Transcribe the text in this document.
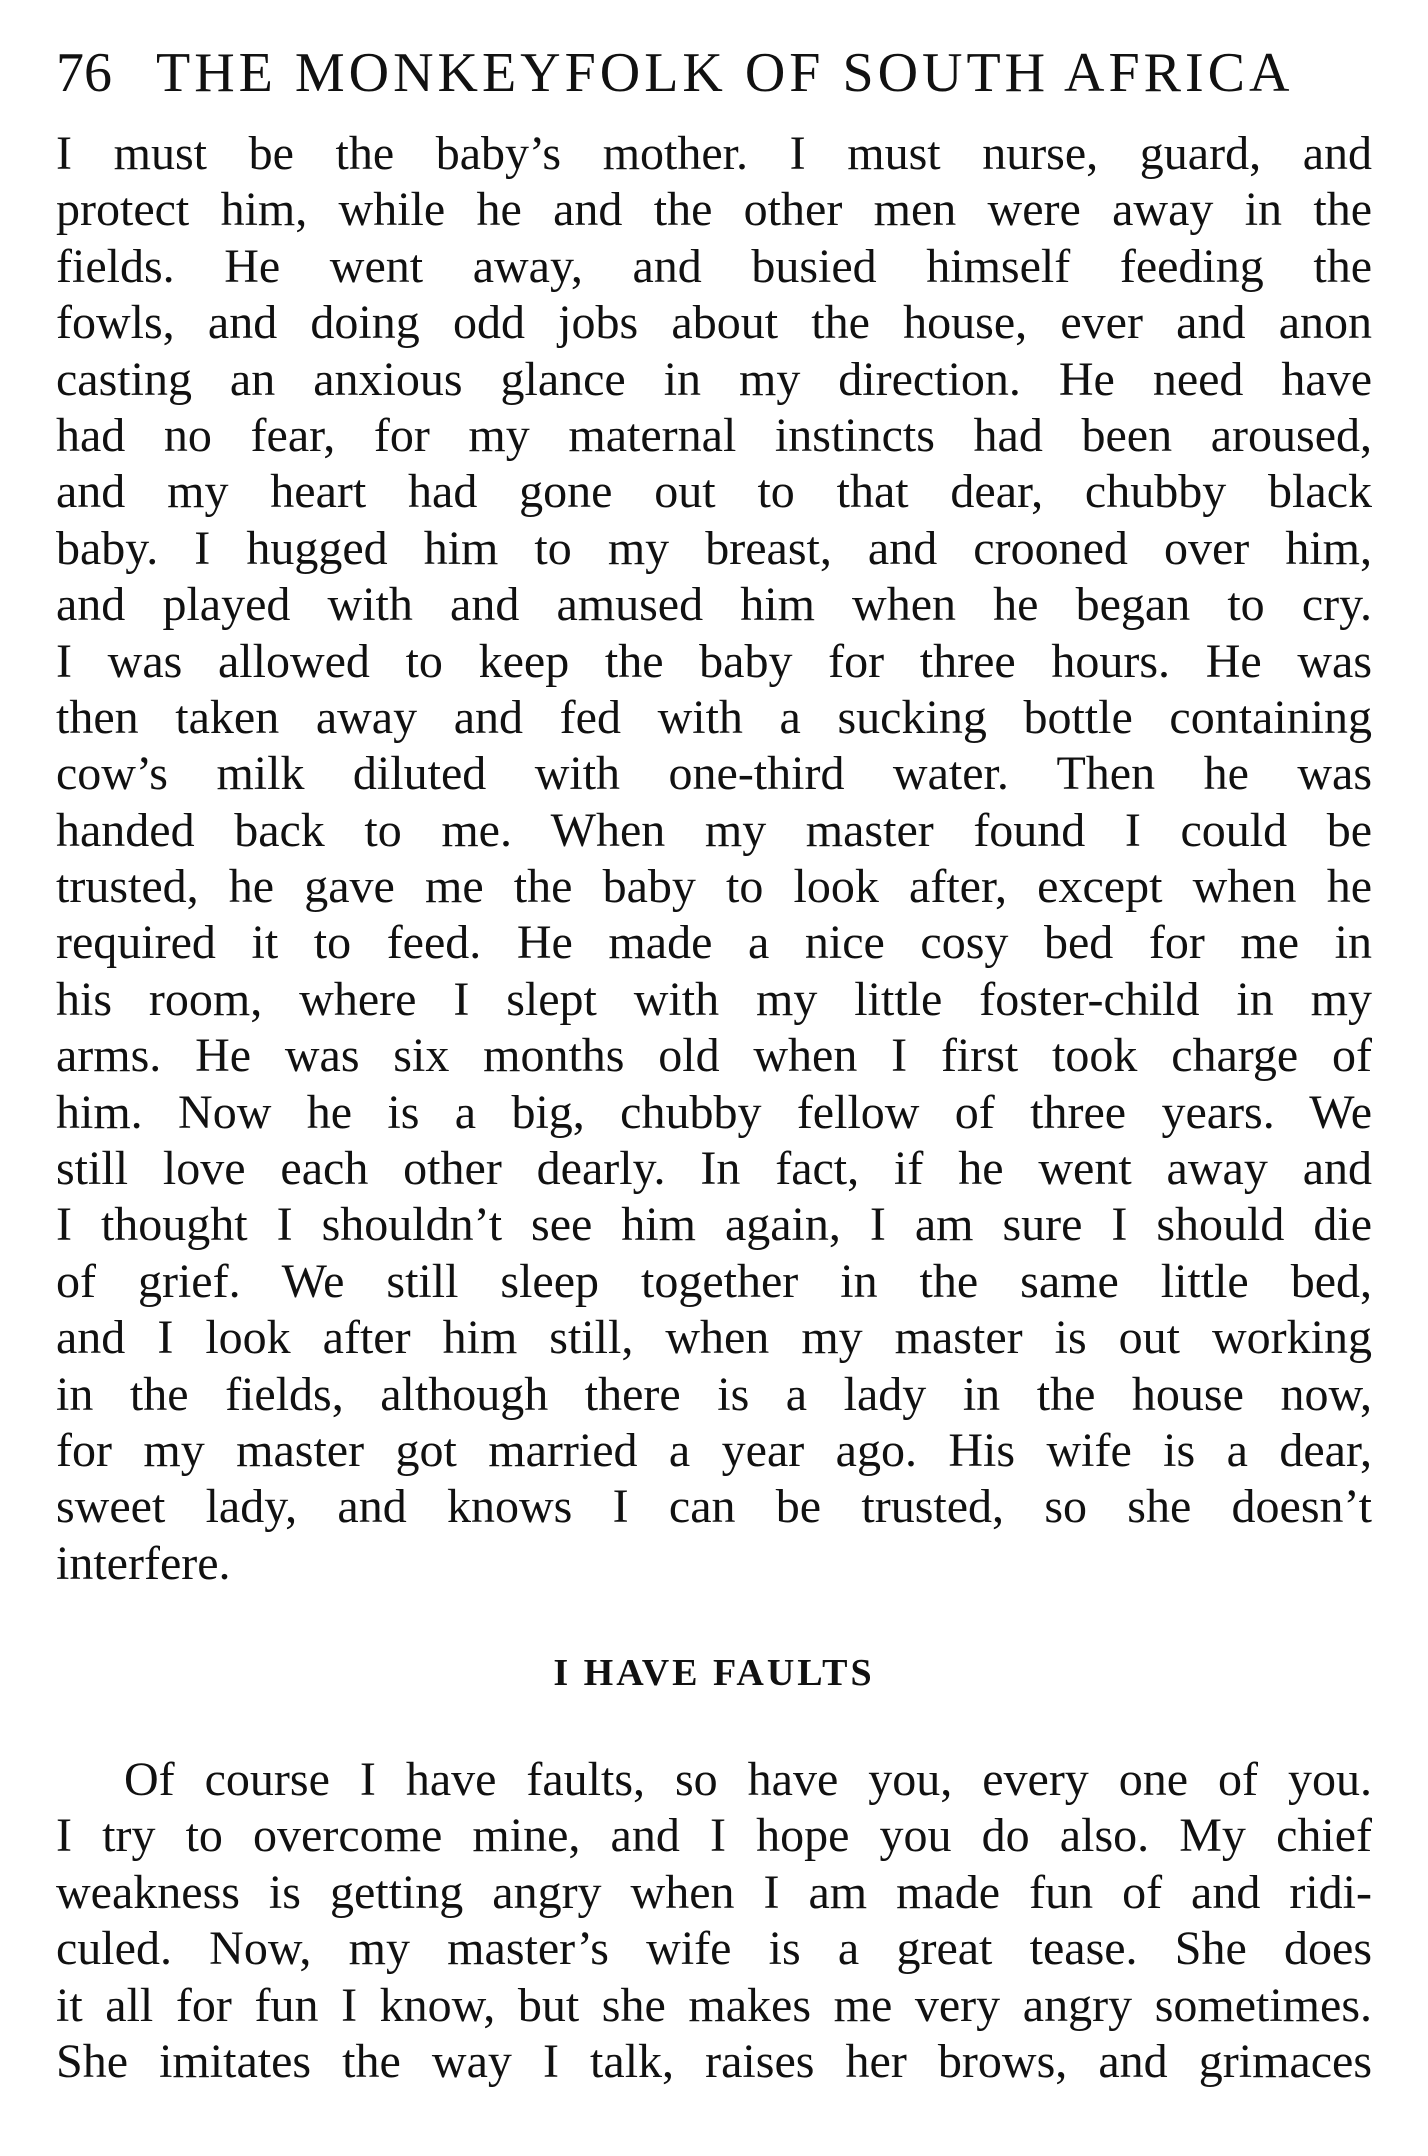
76 THE MONKEYFOLK OF SOUTH AFRICA
I must be the baby’s mother. I must nurse, guard, and
protect him, while he and the other men were away in the
fields. He went away, and busied himself feeding the
fowls, and doing odd jobs about the house, ever and anon
casting an anxious glance in my direction. He need have
had no fear, for my maternal instincts had been aroused,
and my heart had gone out to that dear, chubby black
baby. I hugged him to my breast, and crooned over him,
and played with and amused him when he began to cry.
I was allowed to keep the baby for three hours. He was
then taken away and fed with a sucking bottle containing
cow’s milk diluted with one-third water. Then he was
handed back to me. When my master found I could be
trusted, he gave me the baby to look after, except when he
required it to feed. He made a nice cosy bed for me in
his room, where I slept with my little foster-child in my
arms. He was six months old when I first took charge of
him. Now he is a big, chubby fellow of three years. We
still love each other dearly. In fact, if he went away and
I thought I shouldn’t see him again, I am sure I should die
of grief. We still sleep together in the same little bed,
and I look after him still, when my master is out working
in the fields, although there is a lady in the house now,
for my master got married a year ago. His wife is a dear,
sweet lady, and knows I can be trusted, so she doesn’t
interfere.
I HAVE FAULTS
Of course I have faults, so have you, every one of you.
I try to overcome mine, and I hope you do also. My chief
weakness is getting angry when I am made fun of and ridi-
culed. Now, my master’s wife is a great tease. She does
it all for fun I know, but she makes me very angry sometimes.
She imitates the way I talk, raises her brows, and grimaces
